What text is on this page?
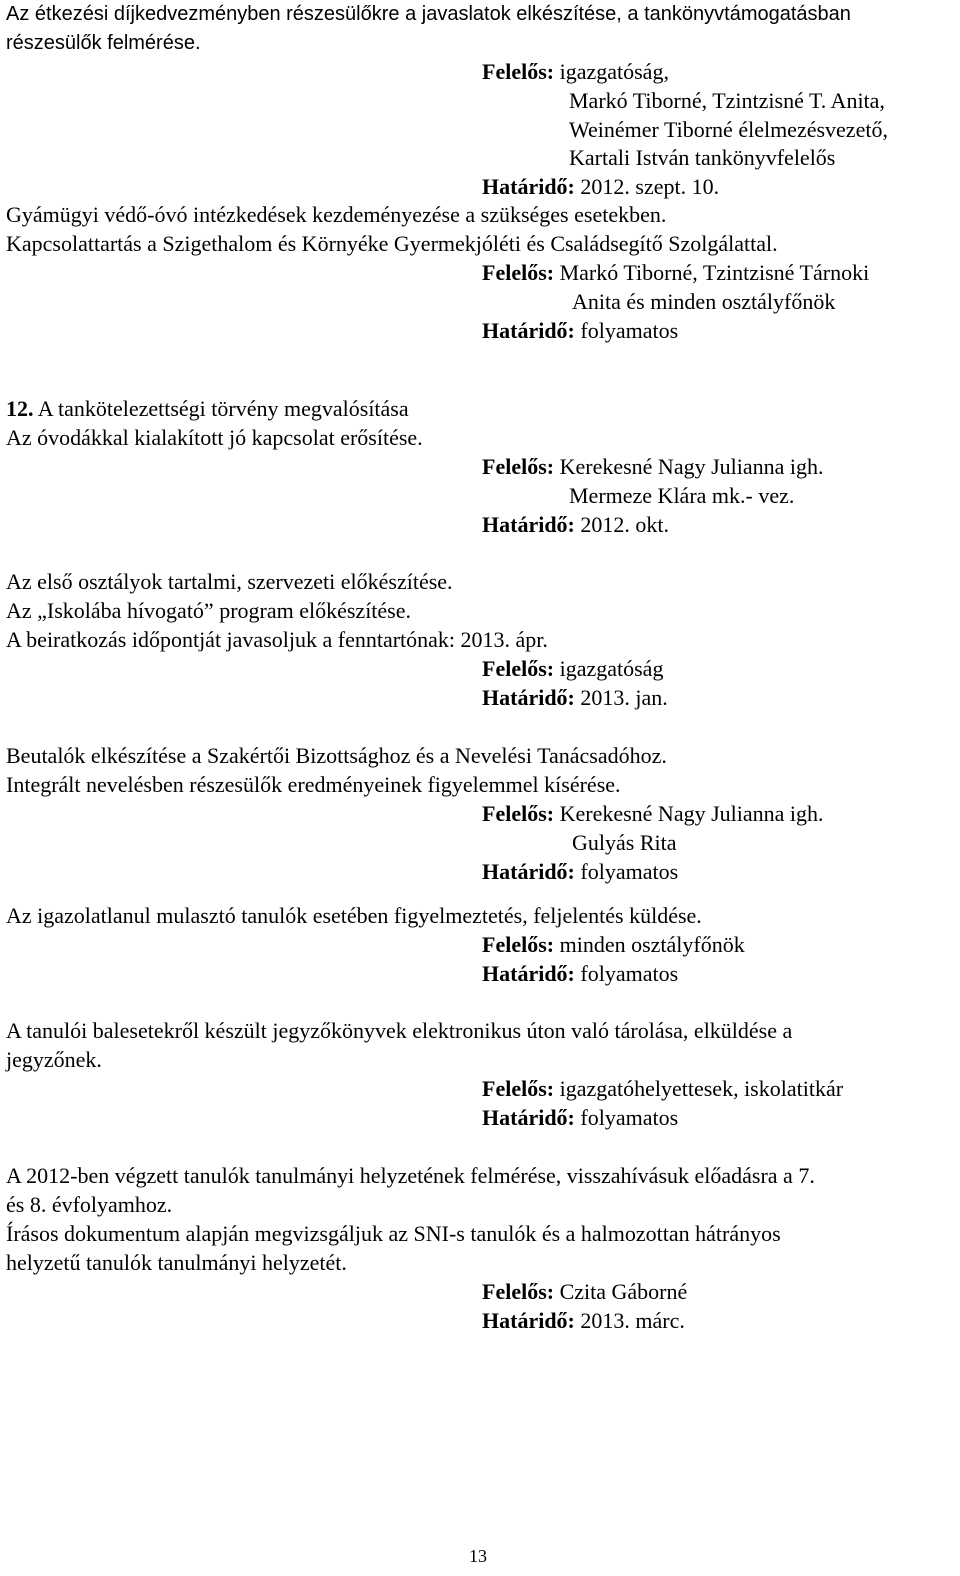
Az étkezési díjkedvezményben részesülőkre a javaslatok elkészítése, a tankönyvtámogatásban

részesülők felmérése.

Felelős: igazgatóság,

Markó Tiborné, Tzintzisné T. Anita,

Weinémer Tiborné élelmezésvezető,

Kartali István tankönyvfelelős

Határidő: 2012. szept. 10.

Gyámügyi védő-óvó intézkedések kezdeményezése a szükséges esetekben.

Kapcsolattartás a Szigethalom és Környéke Gyermekjóléti és Családsegítő Szolgálattal.

Felelős: Markó Tiborné, Tzintzisné Tárnoki

Anita és minden osztályfőnök

Határidő: folyamatos

12. A tankötelezettségi törvény megvalósítása

Az óvodákkal kialakított jó kapcsolat erősítése.

Felelős: Kerekesné Nagy Julianna igh.

Mermeze Klára mk.- vez.

Határidő: 2012. okt.

Az első osztályok tartalmi, szervezeti előkészítése.

Az „Iskolába hívogató” program előkészítése.

A beiratkozás időpontját javasoljuk a fenntartónak: 2013. ápr.

Felelős: igazgatóság

Határidő: 2013. jan.

Beutalók elkészítése a Szakértői Bizottsághoz és a Nevelési Tanácsadóhoz.

Integrált nevelésben részesülők eredményeinek figyelemmel kísérése.

Felelős: Kerekesné Nagy Julianna igh.

Gulyás Rita

Határidő: folyamatos

Az igazolatlanul mulasztó tanulók esetében figyelmeztetés, feljelentés küldése.

Felelős: minden osztályfőnök

Határidő: folyamatos

A tanulói balesetekről készült jegyzőkönyvek elektronikus úton való tárolása, elküldése a

jegyzőnek.

Felelős: igazgatóhelyettesek, iskolatitkár

Határidő: folyamatos

A 2012-ben végzett tanulók tanulmányi helyzetének felmérése, visszahívásuk előadásra a 7.

és 8. évfolyamhoz.

Írásos dokumentum alapján megvizsgáljuk az SNI-s tanulók és a halmozottan hátrányos

helyzetű tanulók tanulmányi helyzetét.

Felelős: Czita Gáborné

Határidő: 2013. márc.

13
